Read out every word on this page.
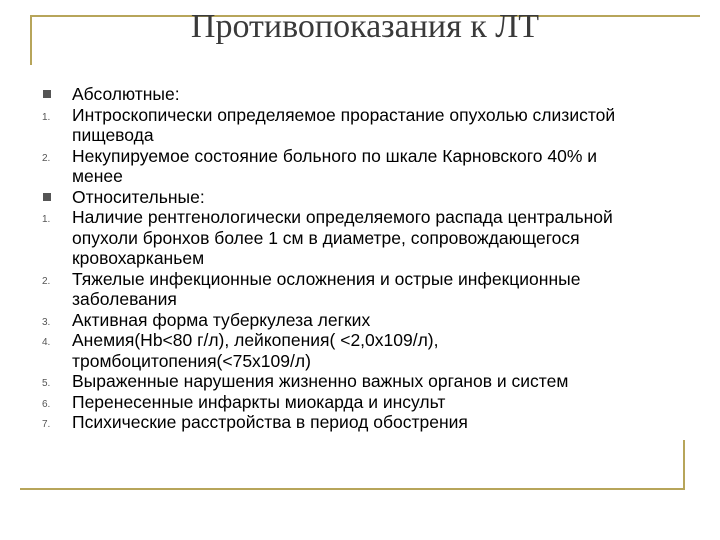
Противопоказания к ЛТ
Абсолютные:
1. Интроскопически определяемое прорастание опухолью слизистой пищевода
2. Некупируемое состояние больного по шкале Карновского 40% и менее
Относительные:
1. Наличие рентгенологически определяемого распада центральной опухоли бронхов более 1 см в диаметре, сопровождающегося кровохарканьем
2. Тяжелые инфекционные осложнения и острые инфекционные заболевания
3. Активная форма туберкулеза легких
4. Анемия(Hb<80 г/л), лейкопения( <2,0х109/л), тромбоцитопения(<75х109/л)
5. Выраженные нарушения жизненно важных органов и систем
6. Перенесенные инфаркты миокарда и инсульт
7. Психические расстройства в период обострения
